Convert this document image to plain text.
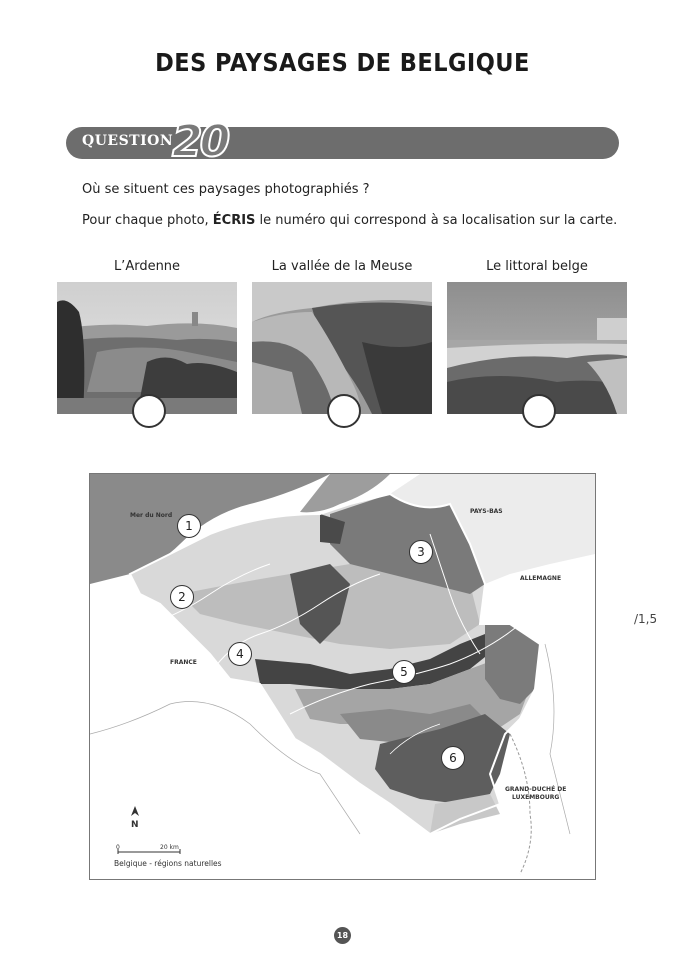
DES PAYSAGES DE BELGIQUE
QUESTION
20
Où se situent ces paysages photographiés ?
Pour chaque photo, ÉCRIS le numéro qui correspond à sa localisation sur la carte.
L’Ardenne	La vallée de la Meuse	Le littoral belge
/1,5
Mer du Nord
PAYS-BAS
ALLEMAGNE
FRANCE
GRAND-DUCHÉ DE
LUXEMBOURG
1
2
3
4
5
6
N
0	20 km
Belgique - régions naturelles
18
